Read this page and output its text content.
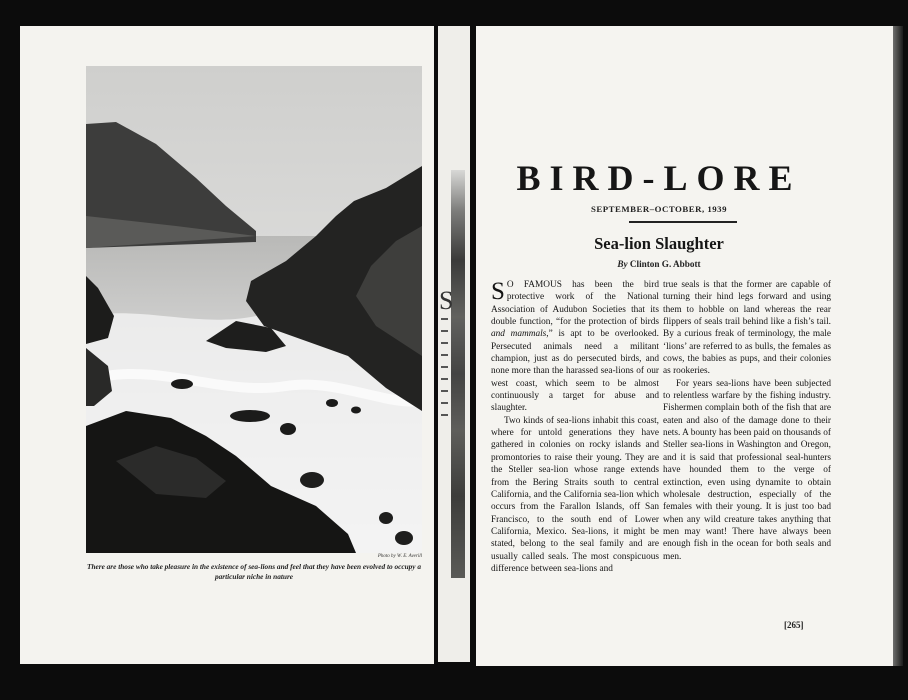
Photo by W. E. Averill
There are those who take pleasure in the existence of sea-lions and feel that they have been evolved to occupy a particular niche in nature
S
BIRD-LORE
SEPTEMBER–OCTOBER, 1939
Sea-lion Slaughter
By Clinton G. Abbott

S O FAMOUS has been the bird protective work of the National Association of Audubon Societies that its double function, “for the protection of birds and mammals,” is apt to be overlooked. Persecuted animals need a militant champion, just as do persecuted birds, and none more than the harassed sea-lions of our west coast, which seem to be almost continuously a target for abuse and slaughter.

Two kinds of sea-lions inhabit this coast, where for untold generations they have gathered in colonies on rocky islands and promontories to raise their young. They are the Steller sea-lion whose range extends from the Bering Straits south to central California, and the California sea-lion which occurs from the Farallon Islands, off San Francisco, to the south end of Lower California, Mexico. Sea-lions, it might be stated, belong to the seal family and are usually called seals. The most conspicuous difference between sea-lions and

true seals is that the former are capable of turning their hind legs forward and using them to hobble on land whereas the rear flippers of seals trail behind like a fish’s tail. By a curious freak of terminology, the male ‘lions’ are referred to as bulls, the females as cows, the babies as pups, and their colonies as rookeries.

For years sea-lions have been subjected to relentless warfare by the fishing industry. Fishermen complain both of the fish that are eaten and also of the damage done to their nets. A bounty has been paid on thousands of Steller sea-lions in Washington and Oregon, and it is said that professional seal-hunters have hounded them to the verge of extinction, even using dynamite to obtain wholesale destruction, especially of the females with their young. It is just too bad when any wild creature takes anything that men may want! There have always been enough fish in the ocean for both seals and men.

[265]
